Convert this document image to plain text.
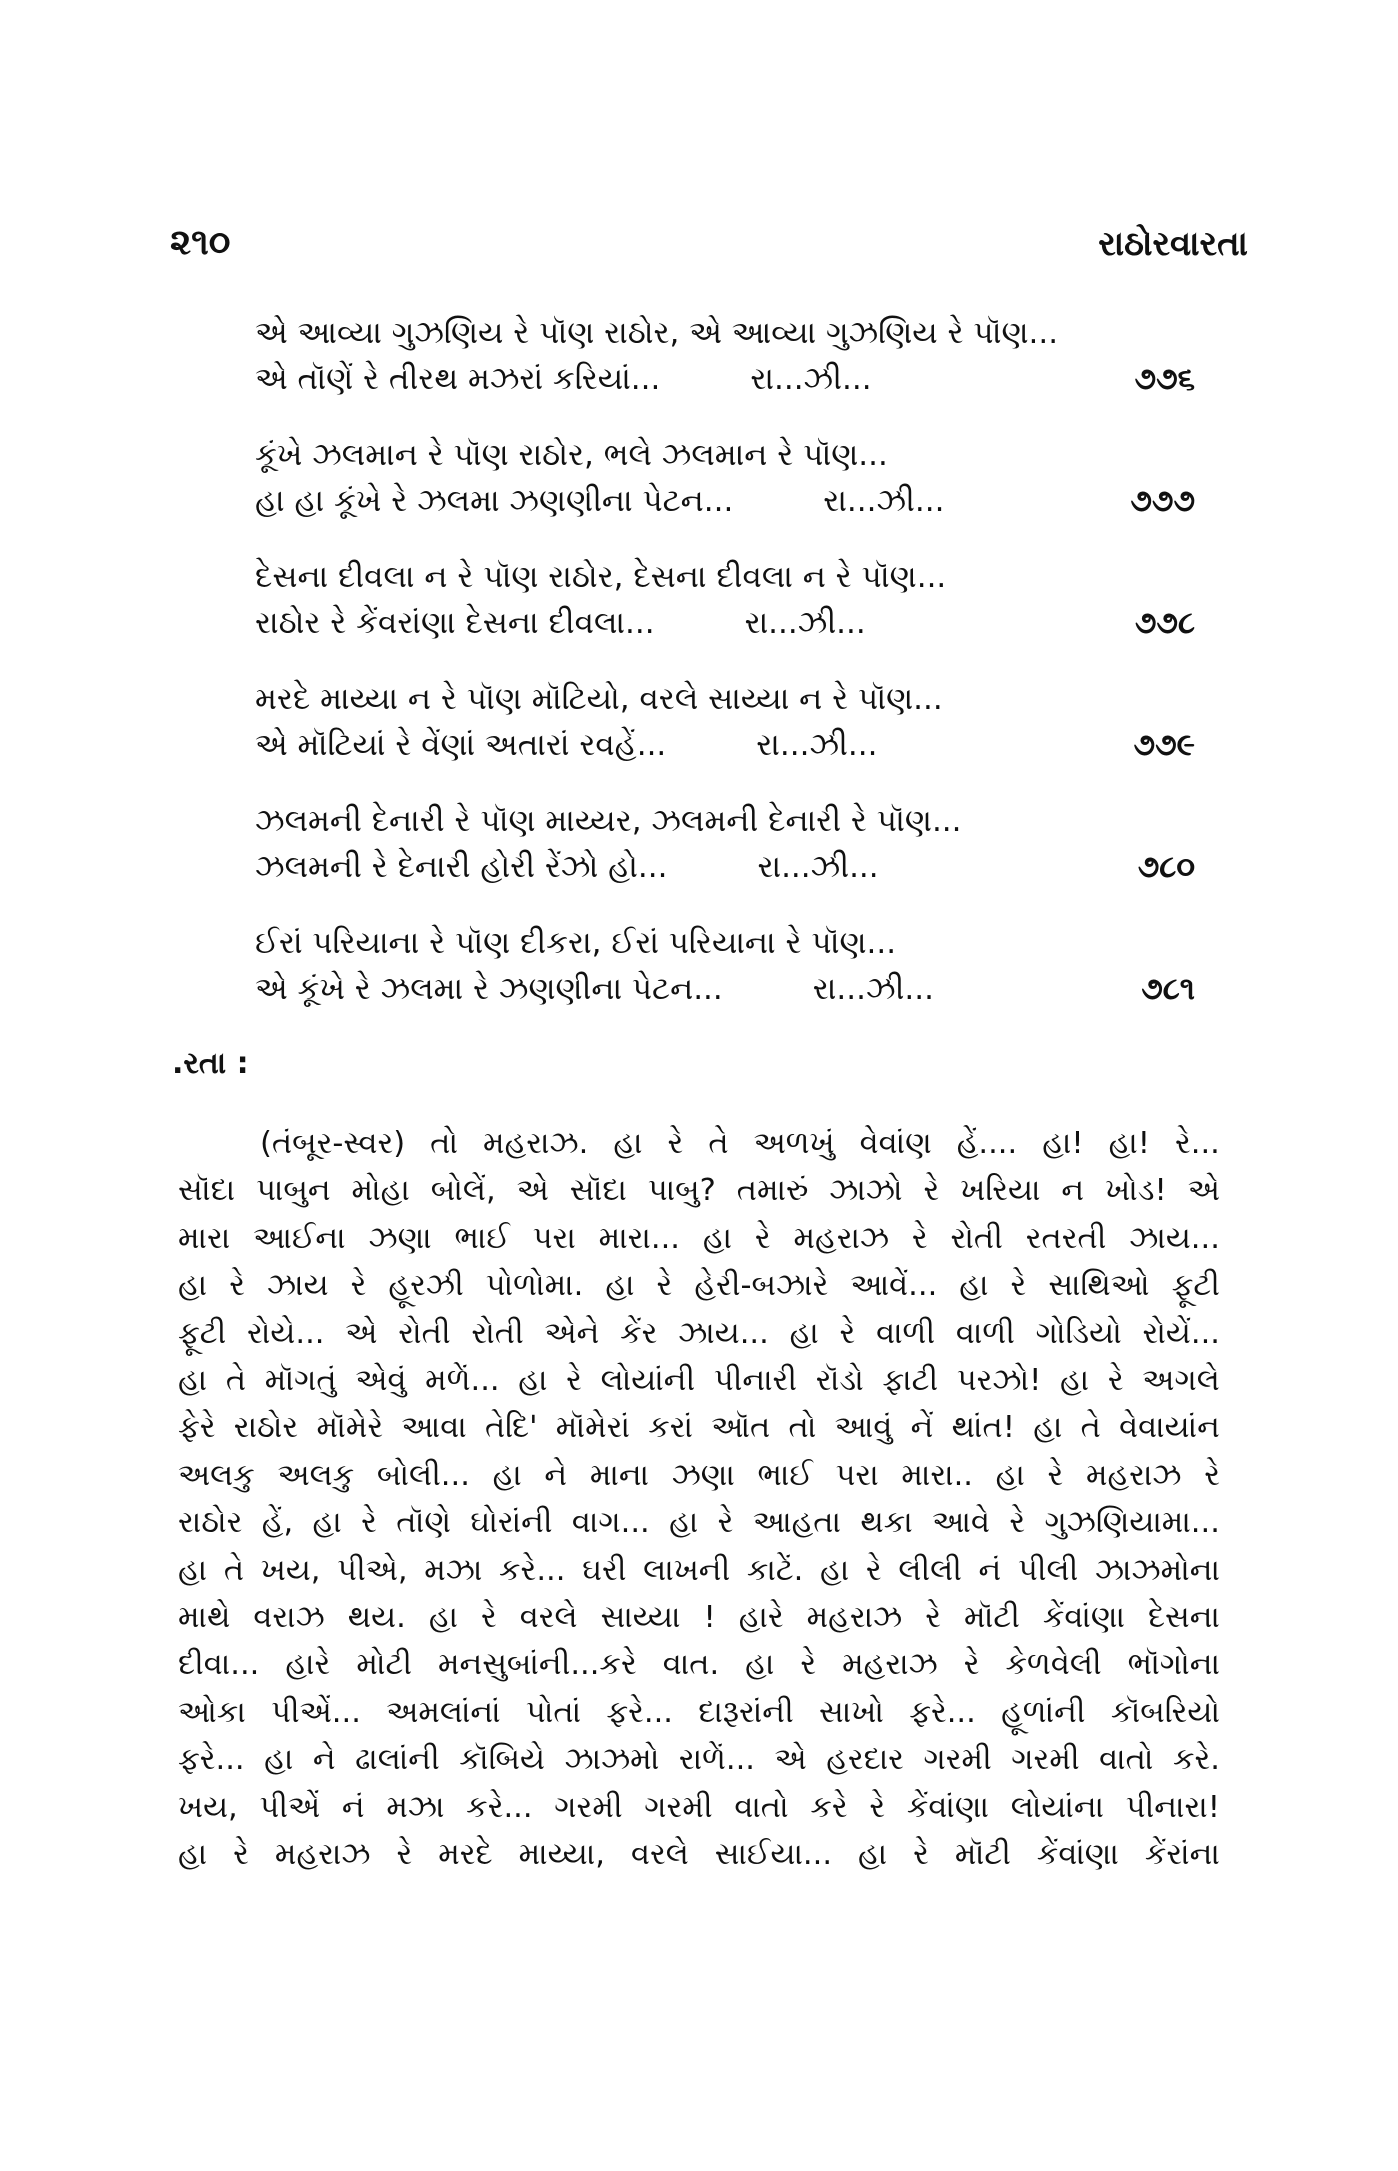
૨૧૦	રાઠોરવારતા
એ આવ્યા ગુઝણિય રે પૉણ રાઠોર, એ આવ્યા ગુઝણિય રે પૉણ...
એ તૉણેં રે તીરથ મઝરાં કરિયાં...	રા...ઝી...	૭૭૬
કૂંખે ઝલમાન રે પૉણ રાઠોર, ભલે ઝલમાન રે પૉણ...
હા હા કૂંખે રે ઝલમા ઝણણીના પેટન...	રા...ઝી...	૭૭૭
દેસના દીવલા ન રે પૉણ રાઠોર, દેસના દીવલા ન રે પૉણ...
રાઠોર રે કેંવરાંણા દેસના દીવલા...	રા...ઝી...	૭૭૮
મરદે માય્યા ન રે પૉણ મૉટિયો, વરલે સાય્યા ન રે પૉણ...
એ મૉટિયાં રે વેંણાં અતારાં રવહેં...	રા...ઝી...	૭૭૯
ઝલમની દેનારી રે પૉણ માય્યર, ઝલમની દેનારી રે પૉણ...
ઝલમની રે દેનારી હોરી રેંઝો હો...	રા...ઝી...	૭૮૦
ઈરાં પરિયાના રે પૉણ દીકરા, ઈરાં પરિયાના રે પૉણ...
એ કૂંખે રે ઝલમા રે ઝણણીના પેટન...	રા...ઝી...	૭૮૧
.રતા :
(તંબૂર-સ્વર) તો મહરાઝ. હા રે તે અળખું વેવાંણ હેં.... હા! હા! રે...
સૉદા પાબુન મોહા બોલેં, એ સૉદા પાબુ? તમારું ઝાઝો રે ખરિયા ન ખોડ! એ
મારા આઈના ઝણા ભાઈ પરા મારા... હા રે મહરાઝ રે રોતી રતરતી ઝાય...
હા રે ઝાય રે હૂરઝી પોળોમા. હા રે હેરી-બઝારે આવેં... હા રે સાથિઓ ફૂટી
ફૂટી રોયે... એ રોતી રોતી એને કેંર ઝાય... હા રે વાળી વાળી ગોડિયો રોયેં...
હા તે મૉગતું એવું મળેં... હા રે લોયાંની પીનારી રૉડો ફાટી પરઝો! હા રે અગલે
ફેરે રાઠોર મૉમેરે આવા તેદિ' મૉમેરાં કરાં ઑત તો આવું નેં થાંત! હા તે વેવાયાંન
અલકુ અલકુ બોલી... હા ને માના ઝણા ભાઈ પરા મારા.. હા રે મહરાઝ રે
રાઠોર હેં, હા રે તૉણે ઘોરાંની વાગ... હા રે આહતા થકા આવે રે ગુઝણિયામા...
હા તે ખય, પીએ, મઝા કરે... ઘરી લાખની કાટેં. હા રે લીલી નં પીલી ઝાઝમોના
માથે વરાઝ થય. હા રે વરલે સાય્યા ! હારે મહરાઝ રે મૉટી કેંવાંણા દેસના
દીવા... હારે મોટી મનસુબાંની...કરે વાત. હા રે મહરાઝ રે કેળવેલી ભૉગોના
ઓકા પીએં... અમલાંનાં પોતાં ફરે... દારૂરાંની સાખો ફરે... હૂળાંની કૉબરિયો
ફરે... હા ને ઢાલાંની કૉબિયે ઝાઝમો રાળેં... એ હરદાર ગરમી ગરમી વાતો કરે.
ખય, પીએં નં મઝા કરે... ગરમી ગરમી વાતો કરે રે કેંવાંણા લોયાંના પીનારા!
હા રે મહરાઝ રે મરદે માય્યા, વરલે સાઈયા... હા રે મૉટી કેંવાંણા કેંરાંના
